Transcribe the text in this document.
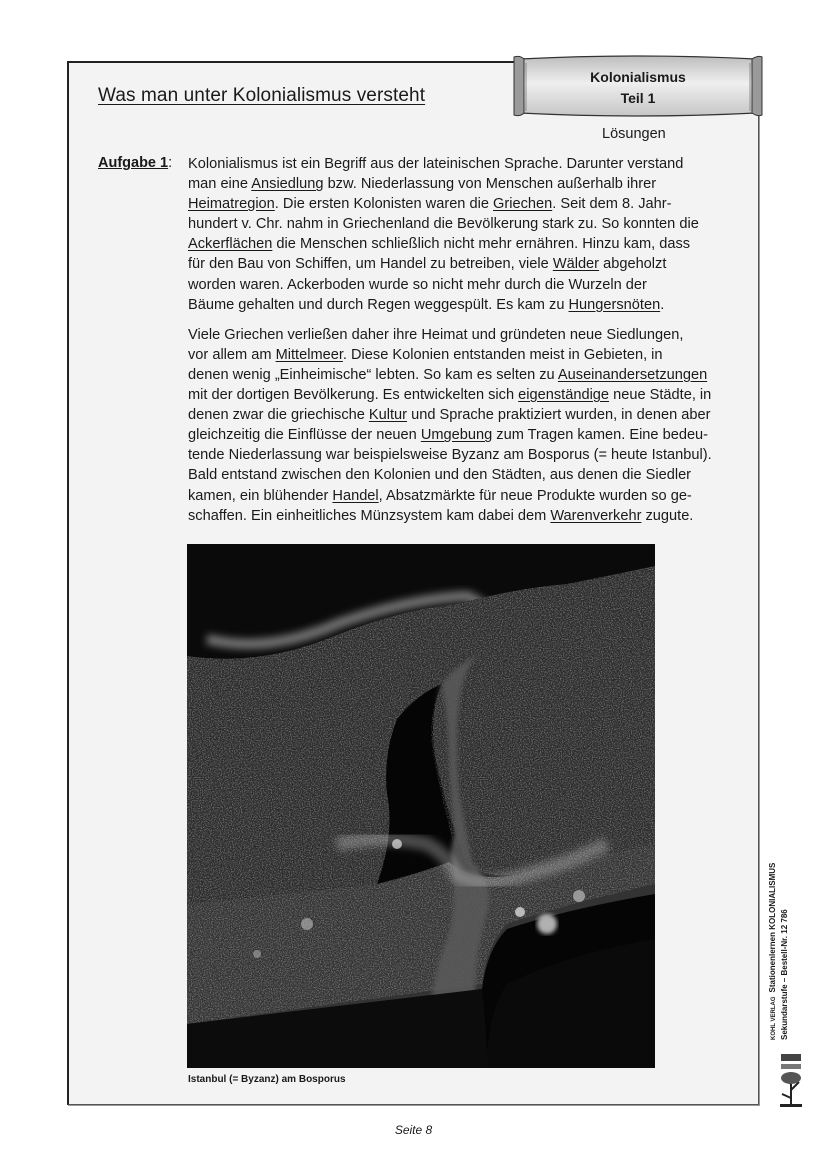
Was man unter Kolonialismus versteht
Kolonialismus
Teil 1
Lösungen
Aufgabe 1: Kolonialismus ist ein Begriff aus der lateinischen Sprache. Darunter verstand
man eine Ansiedlung bzw. Niederlassung von Menschen außerhalb ihrer
Heimatregion. Die ersten Kolonisten waren die Griechen. Seit dem 8. Jahr-
hundert v. Chr. nahm in Griechenland die Bevölkerung stark zu. So konnten die
Ackerflächen die Menschen schließlich nicht mehr ernähren. Hinzu kam, dass
für den Bau von Schiffen, um Handel zu betreiben, viele Wälder abgeholzt
worden waren. Ackerboden wurde so nicht mehr durch die Wurzeln der
Bäume gehalten und durch Regen weggespült. Es kam zu Hungersnöten.

Viele Griechen verließen daher ihre Heimat und gründeten neue Siedlungen,
vor allem am Mittelmeer. Diese Kolonien entstanden meist in Gebieten, in
denen wenig „Einheimische“ lebten. So kam es selten zu Auseinandersetzungen
mit der dortigen Bevölkerung. Es entwickelten sich eigenständige neue Städte, in
denen zwar die griechische Kultur und Sprache praktiziert wurden, in denen aber
gleichzeitig die Einflüsse der neuen Umgebung zum Tragen kamen. Eine bedeu-
tende Niederlassung war beispielsweise Byzanz am Bosporus (= heute Istanbul).
Bald entstand zwischen den Kolonien und den Städten, aus denen die Siedler
kamen, ein blühender Handel, Absatzmärkte für neue Produkte wurden so ge-
schaffen. Ein einheitliches Münzsystem kam dabei dem Warenverkehr zugute.

Istanbul (= Byzanz) am Bosporus
Seite 8
KOHL VERLAGStationenlernen KOLONIALISMUS Sekundarstufe – Bestell-Nr. 12 786
